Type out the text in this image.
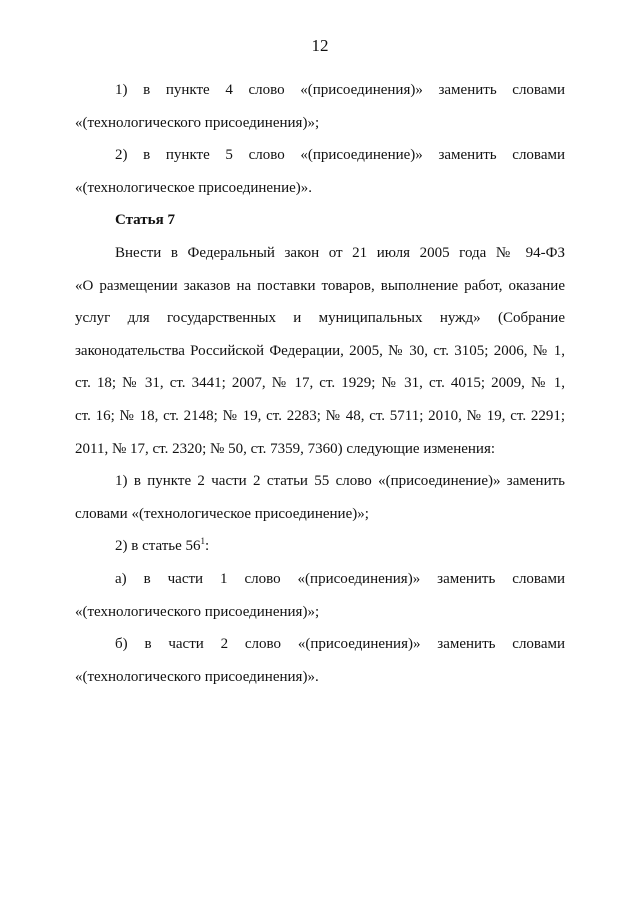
12
1) в пункте 4 слово «(присоединения)» заменить словами
«(технологического присоединения)»;
2) в пункте 5 слово «(присоединение)» заменить словами
«(технологическое присоединение)».
Статья 7
Внести в Федеральный закон от 21 июля 2005 года № 94-ФЗ
«О размещении заказов на поставки товаров, выполнение работ, оказание
услуг для государственных и муниципальных нужд» (Собрание
законодательства Российской Федерации, 2005, № 30, ст. 3105; 2006, № 1,
ст. 18; № 31, ст. 3441; 2007, № 17, ст. 1929; № 31, ст. 4015; 2009, № 1,
ст. 16; № 18, ст. 2148; № 19, ст. 2283; № 48, ст. 5711; 2010, № 19, ст. 2291;
2011, № 17, ст. 2320; № 50, ст. 7359, 7360) следующие изменения:
1) в пункте 2 части 2 статьи 55 слово «(присоединение)» заменить
словами «(технологическое присоединение)»;
2) в статье $56^1$:
а) в части 1 слово «(присоединения)» заменить словами
«(технологического присоединения)»;
б) в части 2 слово «(присоединения)» заменить словами
«(технологического присоединения)».
